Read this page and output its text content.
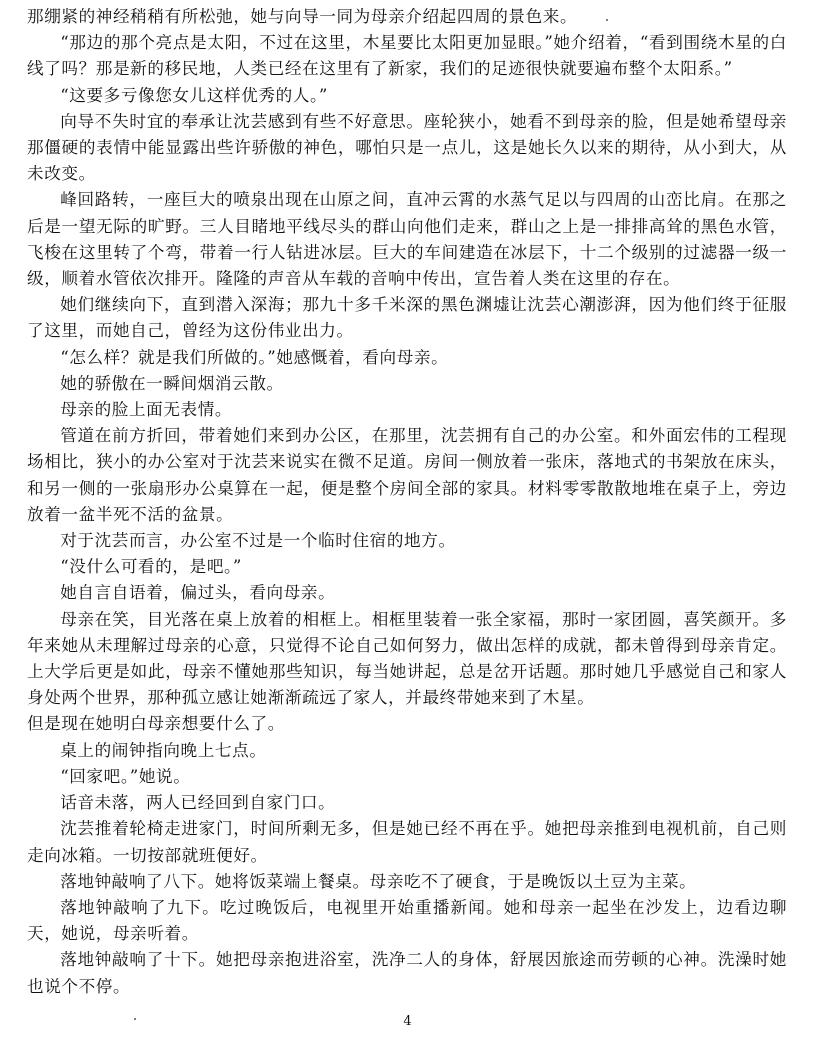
那绷紧的神经稍稍有所松弛，她与向导一同为母亲介绍起四周的景色来。

“那边的那个亮点是太阳，不过在这里，木星要比太阳更加显眼。”她介绍着，“看到围绕木星的白线了吗？那是新的移民地，人类已经在这里有了新家，我们的足迹很快就要遍布整个太阳系。”

“这要多亏像您女儿这样优秀的人。”

向导不失时宜的奉承让沈芸感到有些不好意思。座轮狭小，她看不到母亲的脸，但是她希望母亲那僵硬的表情中能显露出些许骄傲的神色，哪怕只是一点儿，这是她长久以来的期待，从小到大，从未改变。

峰回路转，一座巨大的喷泉出现在山原之间，直冲云霄的水蒸气足以与四周的山峦比肩。在那之后是一望无际的旷野。三人目睹地平线尽头的群山向他们走来，群山之上是一排排高耸的黑色水管，飞梭在这里转了个弯，带着一行人钻进冰层。巨大的车间建造在冰层下，十二个级别的过滤器一级一级，顺着水管依次排开。隆隆的声音从车载的音响中传出，宣告着人类在这里的存在。

她们继续向下，直到潜入深海；那九十多千米深的黑色渊墟让沈芸心潮澎湃，因为他们终于征服了这里，而她自己，曾经为这份伟业出力。

“怎么样？就是我们所做的。”她感慨着，看向母亲。

她的骄傲在一瞬间烟消云散。

母亲的脸上面无表情。

管道在前方折回，带着她们来到办公区，在那里，沈芸拥有自己的办公室。和外面宏伟的工程现场相比，狭小的办公室对于沈芸来说实在微不足道。房间一侧放着一张床，落地式的书架放在床头，和另一侧的一张扇形办公桌算在一起，便是整个房间全部的家具。材料零零散散地堆在桌子上，旁边放着一盆半死不活的盆景。

对于沈芸而言，办公室不过是一个临时住宿的地方。

“没什么可看的，是吧。”

她自言自语着，偏过头，看向母亲。

母亲在笑，目光落在桌上放着的相框上。相框里装着一张全家福，那时一家团圆，喜笑颜开。多年来她从未理解过母亲的心意，只觉得不论自己如何努力，做出怎样的成就，都未曾得到母亲肯定。上大学后更是如此，母亲不懂她那些知识，每当她讲起，总是岔开话题。那时她几乎感觉自己和家人身处两个世界，那种孤立感让她渐渐疏远了家人，并最终带她来到了木星。

但是现在她明白母亲想要什么了。

桌上的闹钟指向晚上七点。

“回家吧。”她说。

话音未落，两人已经回到自家门口。

沈芸推着轮椅走进家门，时间所剩无多，但是她已经不再在乎。她把母亲推到电视机前，自己则走向冰箱。一切按部就班便好。

落地钟敲响了八下。她将饭菜端上餐桌。母亲吃不了硬食，于是晚饭以土豆为主菜。

落地钟敲响了九下。吃过晚饭后，电视里开始重播新闻。她和母亲一起坐在沙发上，边看边聊天，她说，母亲听着。

落地钟敲响了十下。她把母亲抱进浴室，洗净二人的身体，舒展因旅途而劳顿的心神。洗澡时她也说个不停。

4
